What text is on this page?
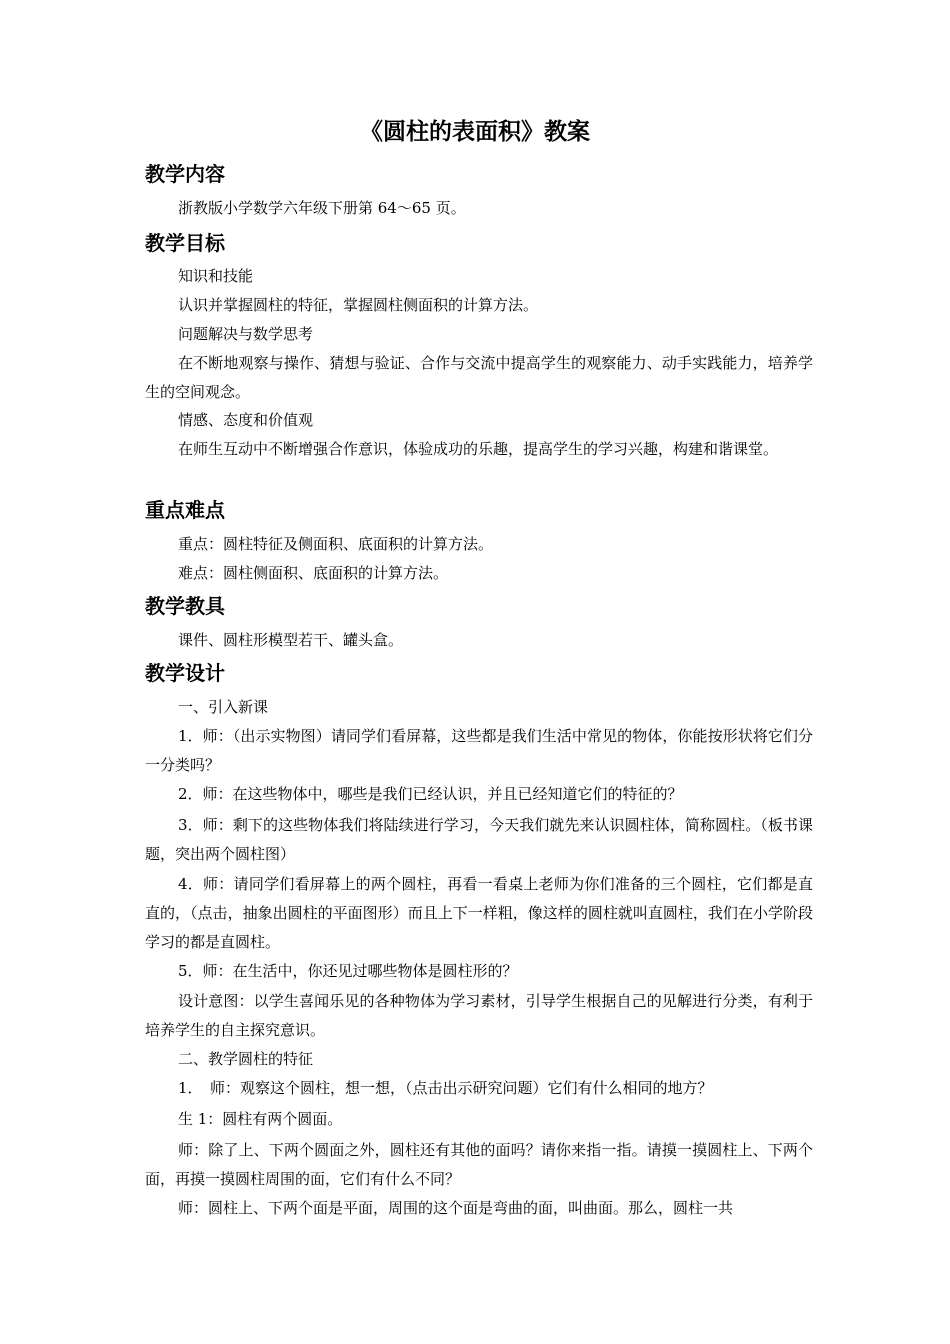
《圆柱的表面积》教案
教学内容
浙教版小学数学六年级下册第 64～65 页。
教学目标
知识和技能
认识并掌握圆柱的特征，掌握圆柱侧面积的计算方法。
问题解决与数学思考
在不断地观察与操作、猜想与验证、合作与交流中提高学生的观察能力、动手实践能力，培养学生的空间观念。
情感、态度和价值观
在师生互动中不断增强合作意识，体验成功的乐趣，提高学生的学习兴趣，构建和谐课堂。
重点难点
重点：圆柱特征及侧面积、底面积的计算方法。
难点：圆柱侧面积、底面积的计算方法。
教学教具
课件、圆柱形模型若干、罐头盒。
教学设计
一、引入新课
1．师：（出示实物图）请同学们看屏幕，这些都是我们生活中常见的物体，你能按形状将它们分一分类吗？
2．师：在这些物体中，哪些是我们已经认识，并且已经知道它们的特征的？
3．师：剩下的这些物体我们将陆续进行学习，今天我们就先来认识圆柱体，简称圆柱。（板书课题，突出两个圆柱图）
4．师：请同学们看屏幕上的两个圆柱，再看一看桌上老师为你们准备的三个圆柱，它们都是直直的，（点击，抽象出圆柱的平面图形）而且上下一样粗，像这样的圆柱就叫直圆柱，我们在小学阶段学习的都是直圆柱。
5．师：在生活中，你还见过哪些物体是圆柱形的？
设计意图：以学生喜闻乐见的各种物体为学习素材，引导学生根据自己的见解进行分类，有利于培养学生的自主探究意识。
二、教学圆柱的特征
1．　师：观察这个圆柱，想一想，（点击出示研究问题）它们有什么相同的地方？
生 1：圆柱有两个圆面。
师：除了上、下两个圆面之外，圆柱还有其他的面吗？请你来指一指。请摸一摸圆柱上、下两个面，再摸一摸圆柱周围的面，它们有什么不同？
师：圆柱上、下两个面是平面，周围的这个面是弯曲的面，叫曲面。那么，圆柱一共
